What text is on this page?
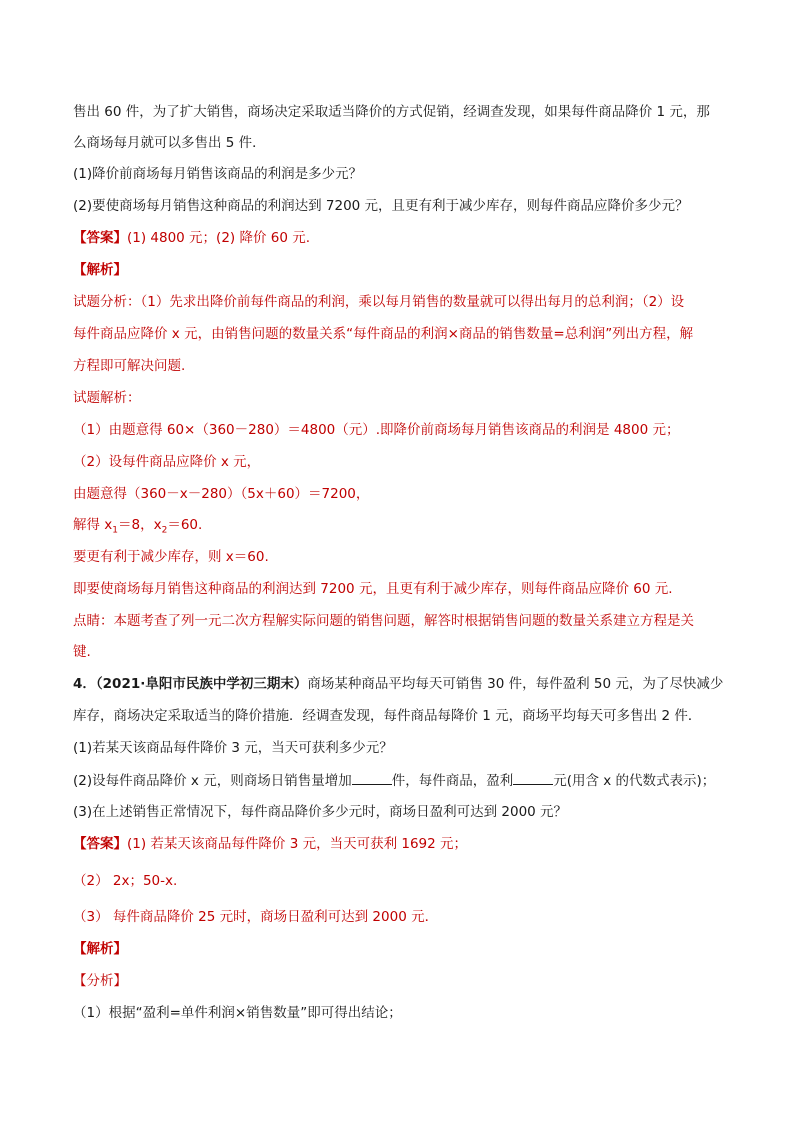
售出 60 件，为了扩大销售，商场决定采取适当降价的方式促销，经调查发现，如果每件商品降价 1 元，那

么商场每月就可以多售出 5 件．

(1)降价前商场每月销售该商品的利润是多少元？

(2)要使商场每月销售这种商品的利润达到 7200 元，且更有利于减少库存，则每件商品应降价多少元？

【答案】(1) 4800 元；(2) 降价 60 元.

【解析】

试题分析：（1）先求出降价前每件商品的利润，乘以每月销售的数量就可以得出每月的总利润；（2）设

每件商品应降价 x 元，由销售问题的数量关系“每件商品的利润×商品的销售数量=总利润”列出方程，解

方程即可解决问题.

试题解析：

（1）由题意得 60×（360－280）＝4800（元）.即降价前商场每月销售该商品的利润是 4800 元；

（2）设每件商品应降价 x 元，

由题意得（360－x－280）（5x＋60）＝7200，

解得 $x_1=8$，$x_2=60$.

要更有利于减少库存，则 x＝60.

即要使商场每月销售这种商品的利润达到 7200 元，且更有利于减少库存，则每件商品应降价 60 元.

点睛：本题考查了列一元二次方程解实际问题的销售问题，解答时根据销售问题的数量关系建立方程是关

键.

4．（2021·阜阳市民族中学初三期末）商场某种商品平均每天可销售 30 件，每件盈利 50 元，为了尽快减少

库存，商场决定采取适当的降价措施．经调查发现，每件商品每降价 1 元，商场平均每天可多售出 2 件．

(1)若某天该商品每件降价 3 元，当天可获利多少元？

(2)设每件商品降价 x 元，则商场日销售量增加	件，每件商品，盈利	元(用含 x 的代数式表示)；

(3)在上述销售正常情况下，每件商品降价多少元时，商场日盈利可达到 2000 元？

【答案】(1) 若某天该商品每件降价 3 元，当天可获利 1692 元；

（2） 2x；50-x.

（3） 每件商品降价 25 元时，商场日盈利可达到 2000 元．

【解析】

【分析】

（1）根据“盈利=单件利润×销售数量”即可得出结论；
